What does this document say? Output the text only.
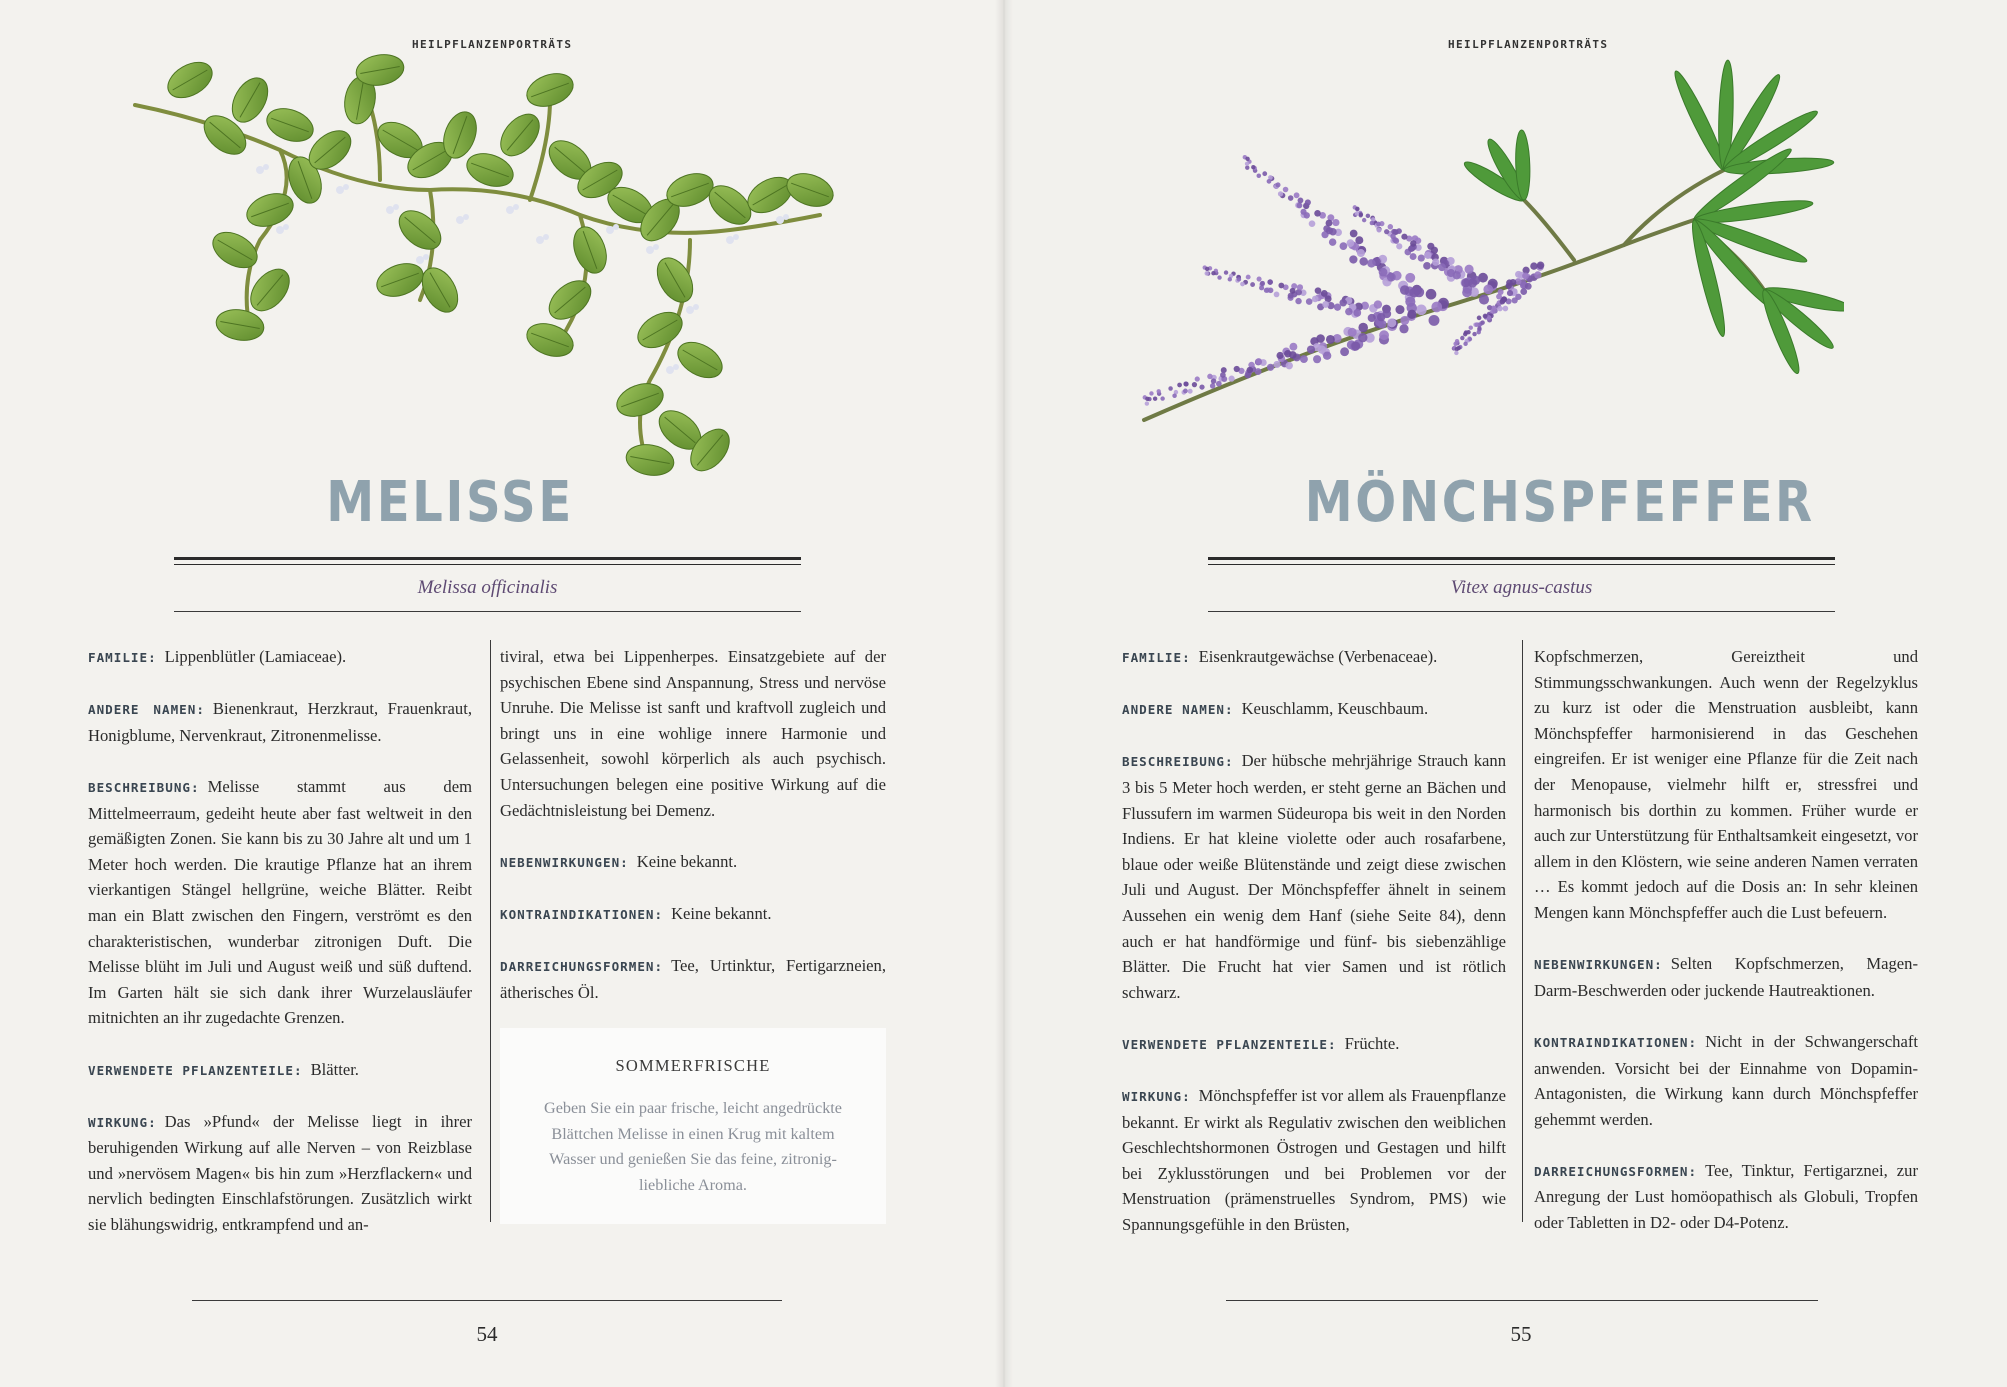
HEILPFLANZENPORTRÄTS
MELISSE
Melissa officinalis

FAMILIE: Lippenblütler (Lamiaceae).

ANDERE NAMEN: Bienenkraut, Herzkraut, Frauenkraut, Honigblume, Nervenkraut, Zitronenmelisse.

BESCHREIBUNG: Melisse stammt aus dem Mittelmeerraum, gedeiht heute aber fast weltweit in den gemäßigten Zonen. Sie kann bis zu 30 Jahre alt und um 1 Meter hoch werden. Die krautige Pflanze hat an ihrem vierkantigen Stängel hellgrüne, weiche Blätter. Reibt man ein Blatt zwischen den Fingern, verströmt es den charakteristischen, wunderbar zitronigen Duft. Die Melisse blüht im Juli und August weiß und süß duftend. Im Garten hält sie sich dank ihrer Wurzelausläufer mitnichten an ihr zugedachte Grenzen.

VERWENDETE PFLANZENTEILE: Blätter.

WIRKUNG: Das »Pfund« der Melisse liegt in ihrer beruhigenden Wirkung auf alle Nerven – von Reizblase und »nervösem Magen« bis hin zum »Herzflackern« und nervlich bedingten Einschlafstörungen. Zusätzlich wirkt sie blähungswidrig, entkrampfend und an-

tiviral, etwa bei Lippenherpes. Einsatzgebiete auf der psychischen Ebene sind Anspannung, Stress und nervöse Unruhe. Die Melisse ist sanft und kraftvoll zugleich und bringt uns in eine wohlige innere Harmonie und Gelassenheit, sowohl körperlich als auch psychisch. Untersuchungen belegen eine positive Wirkung auf die Gedächtnisleistung bei Demenz.

NEBENWIRKUNGEN: Keine bekannt.

KONTRAINDIKATIONEN: Keine bekannt.

DARREICHUNGSFORMEN: Tee, Urtinktur, Fertigarzneien, ätherisches Öl.

SOMMERFRISCHE
Geben Sie ein paar frische, leicht angedrückte Blättchen Melisse in einen Krug mit kaltem Wasser und genießen Sie das feine, zitronig-liebliche Aroma.
54
HEILPFLANZENPORTRÄTS
MÖNCHSPFEFFER
Vitex agnus-castus

FAMILIE: Eisenkrautgewächse (Verbenaceae).

ANDERE NAMEN: Keuschlamm, Keuschbaum.

BESCHREIBUNG: Der hübsche mehrjährige Strauch kann 3 bis 5 Meter hoch werden, er steht gerne an Bächen und Flussufern im warmen Südeuropa bis weit in den Norden Indiens. Er hat kleine violette oder auch rosafarbene, blaue oder weiße Blütenstände und zeigt diese zwischen Juli und August. Der Mönchspfeffer ähnelt in seinem Aussehen ein wenig dem Hanf (siehe Seite 84), denn auch er hat handförmige und fünf- bis siebenzählige Blätter. Die Frucht hat vier Samen und ist rötlich schwarz.

VERWENDETE PFLANZENTEILE: Früchte.

WIRKUNG: Mönchspfeffer ist vor allem als Frauenpflanze bekannt. Er wirkt als Regulativ zwischen den weiblichen Geschlechtshormonen Östrogen und Gestagen und hilft bei Zyklusstörungen und bei Problemen vor der Menstruation (prämenstruelles Syndrom, PMS) wie Spannungsgefühle in den Brüsten,

Kopfschmerzen, Gereiztheit und Stimmungsschwankungen. Auch wenn der Regelzyklus zu kurz ist oder die Menstruation ausbleibt, kann Mönchspfeffer harmonisierend in das Geschehen eingreifen. Er ist weniger eine Pflanze für die Zeit nach der Menopause, vielmehr hilft er, stressfrei und harmonisch bis dorthin zu kommen. Früher wurde er auch zur Unterstützung für Enthaltsamkeit eingesetzt, vor allem in den Klöstern, wie seine anderen Namen verraten … Es kommt jedoch auf die Dosis an: In sehr kleinen Mengen kann Mönchspfeffer auch die Lust befeuern.

NEBENWIRKUNGEN: Selten Kopfschmerzen, Magen-Darm-Beschwerden oder juckende Hautreaktionen.

KONTRAINDIKATIONEN: Nicht in der Schwangerschaft anwenden. Vorsicht bei der Einnahme von Dopamin-Antagonisten, die Wirkung kann durch Mönchspfeffer gehemmt werden.

DARREICHUNGSFORMEN: Tee, Tinktur, Fertigarznei, zur Anregung der Lust homöopathisch als Globuli, Tropfen oder Tabletten in D2- oder D4-Potenz.

55
